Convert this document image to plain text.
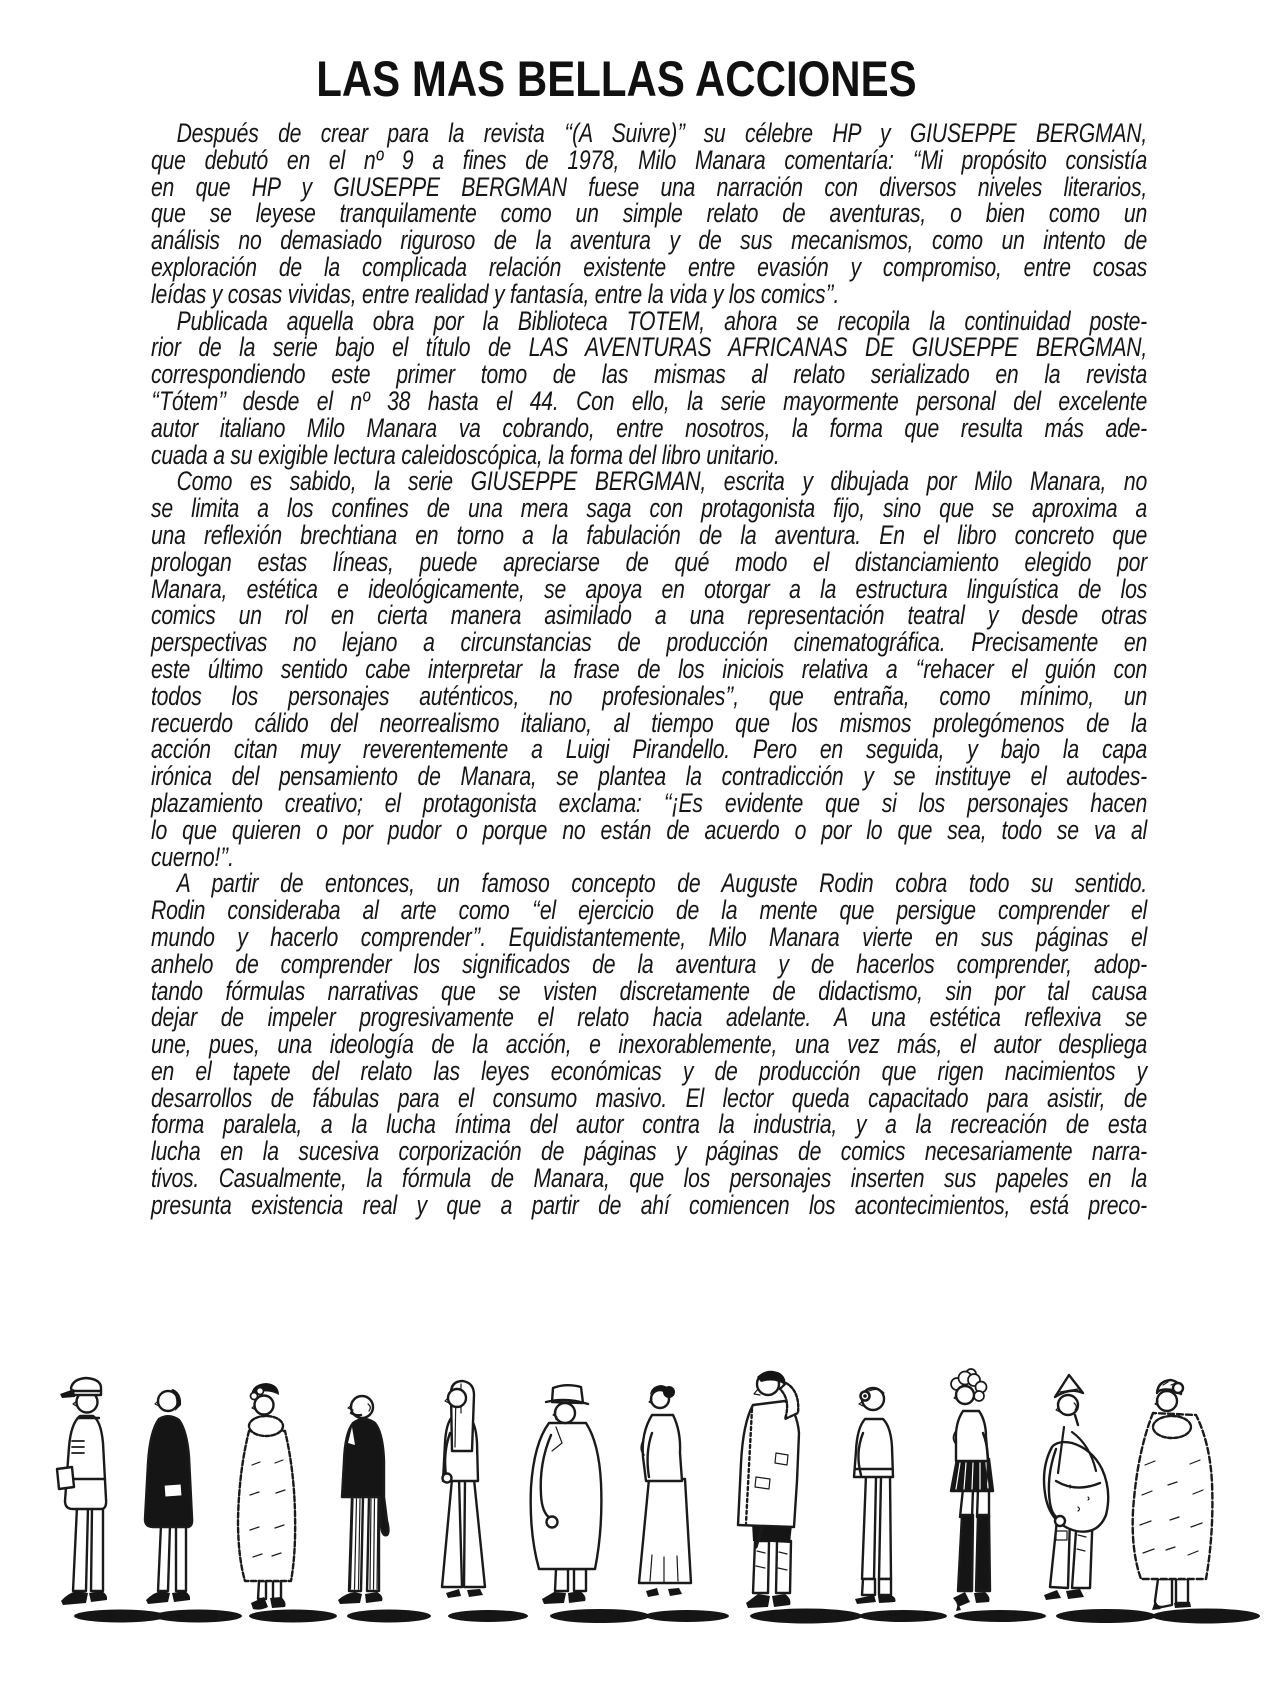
LAS MAS BELLAS ACCIONES
Después de crear para la revista ‘‘(A Suivre)’’ su célebre HP y GIUSEPPE BERGMAN,
que debutó en el nº 9 a fines de 1978, Milo Manara comentaría: ‘‘Mi propósito consistía
en que HP y GIUSEPPE BERGMAN fuese una narración con diversos niveles literarios,
que se leyese tranquilamente como un simple relato de aventuras, o bien como un
análisis no demasiado riguroso de la aventura y de sus mecanismos, como un intento de
exploración de la complicada relación existente entre evasión y compromiso, entre cosas
leídas y cosas vividas, entre realidad y fantasía, entre la vida y los comics’’.
Publicada aquella obra por la Biblioteca TOTEM, ahora se recopila la continuidad poste-
rior de la serie bajo el título de LAS AVENTURAS AFRICANAS DE GIUSEPPE BERGMAN,
correspondiendo este primer tomo de las mismas al relato serializado en la revista
‘‘Tótem’’ desde el nº 38 hasta el 44. Con ello, la serie mayormente personal del excelente
autor italiano Milo Manara va cobrando, entre nosotros, la forma que resulta más ade-
cuada a su exigible lectura caleidoscópica, la forma del libro unitario.
Como es sabido, la serie GIUSEPPE BERGMAN, escrita y dibujada por Milo Manara, no
se limita a los confines de una mera saga con protagonista fijo, sino que se aproxima a
una reflexión brechtiana en torno a la fabulación de la aventura. En el libro concreto que
prologan estas líneas, puede apreciarse de qué modo el distanciamiento elegido por
Manara, estética e ideológicamente, se apoya en otorgar a la estructura linguística de los
comics un rol en cierta manera asimilado a una representación teatral y desde otras
perspectivas no lejano a circunstancias de producción cinematográfica. Precisamente en
este último sentido cabe interpretar la frase de los iniciois relativa a ‘‘rehacer el guión con
todos los personajes auténticos, no profesionales’’, que entraña, como mínimo, un
recuerdo cálido del neorrealismo italiano, al tiempo que los mismos prolegómenos de la
acción citan muy reverentemente a Luigi Pirandello. Pero en seguida, y bajo la capa
irónica del pensamiento de Manara, se plantea la contradicción y se instituye el autodes-
plazamiento creativo; el protagonista exclama: ‘‘¡Es evidente que si los personajes hacen
lo que quieren o por pudor o porque no están de acuerdo o por lo que sea, todo se va al
cuerno!’’.
A partir de entonces, un famoso concepto de Auguste Rodin cobra todo su sentido.
Rodin consideraba al arte como ‘‘el ejercicio de la mente que persigue comprender el
mundo y hacerlo comprender’’. Equidistantemente, Milo Manara vierte en sus páginas el
anhelo de comprender los significados de la aventura y de hacerlos comprender, adop-
tando fórmulas narrativas que se visten discretamente de didactismo, sin por tal causa
dejar de impeler progresivamente el relato hacia adelante. A una estética reflexiva se
une, pues, una ideología de la acción, e inexorablemente, una vez más, el autor despliega
en el tapete del relato las leyes económicas y de producción que rigen nacimientos y
desarrollos de fábulas para el consumo masivo. El lector queda capacitado para asistir, de
forma paralela, a la lucha íntima del autor contra la industria, y a la recreación de esta
lucha en la sucesiva corporización de páginas y páginas de comics necesariamente narra-
tivos. Casualmente, la fórmula de Manara, que los personajes inserten sus papeles en la
presunta existencia real y que a partir de ahí comiencen los acontecimientos, está preco-
